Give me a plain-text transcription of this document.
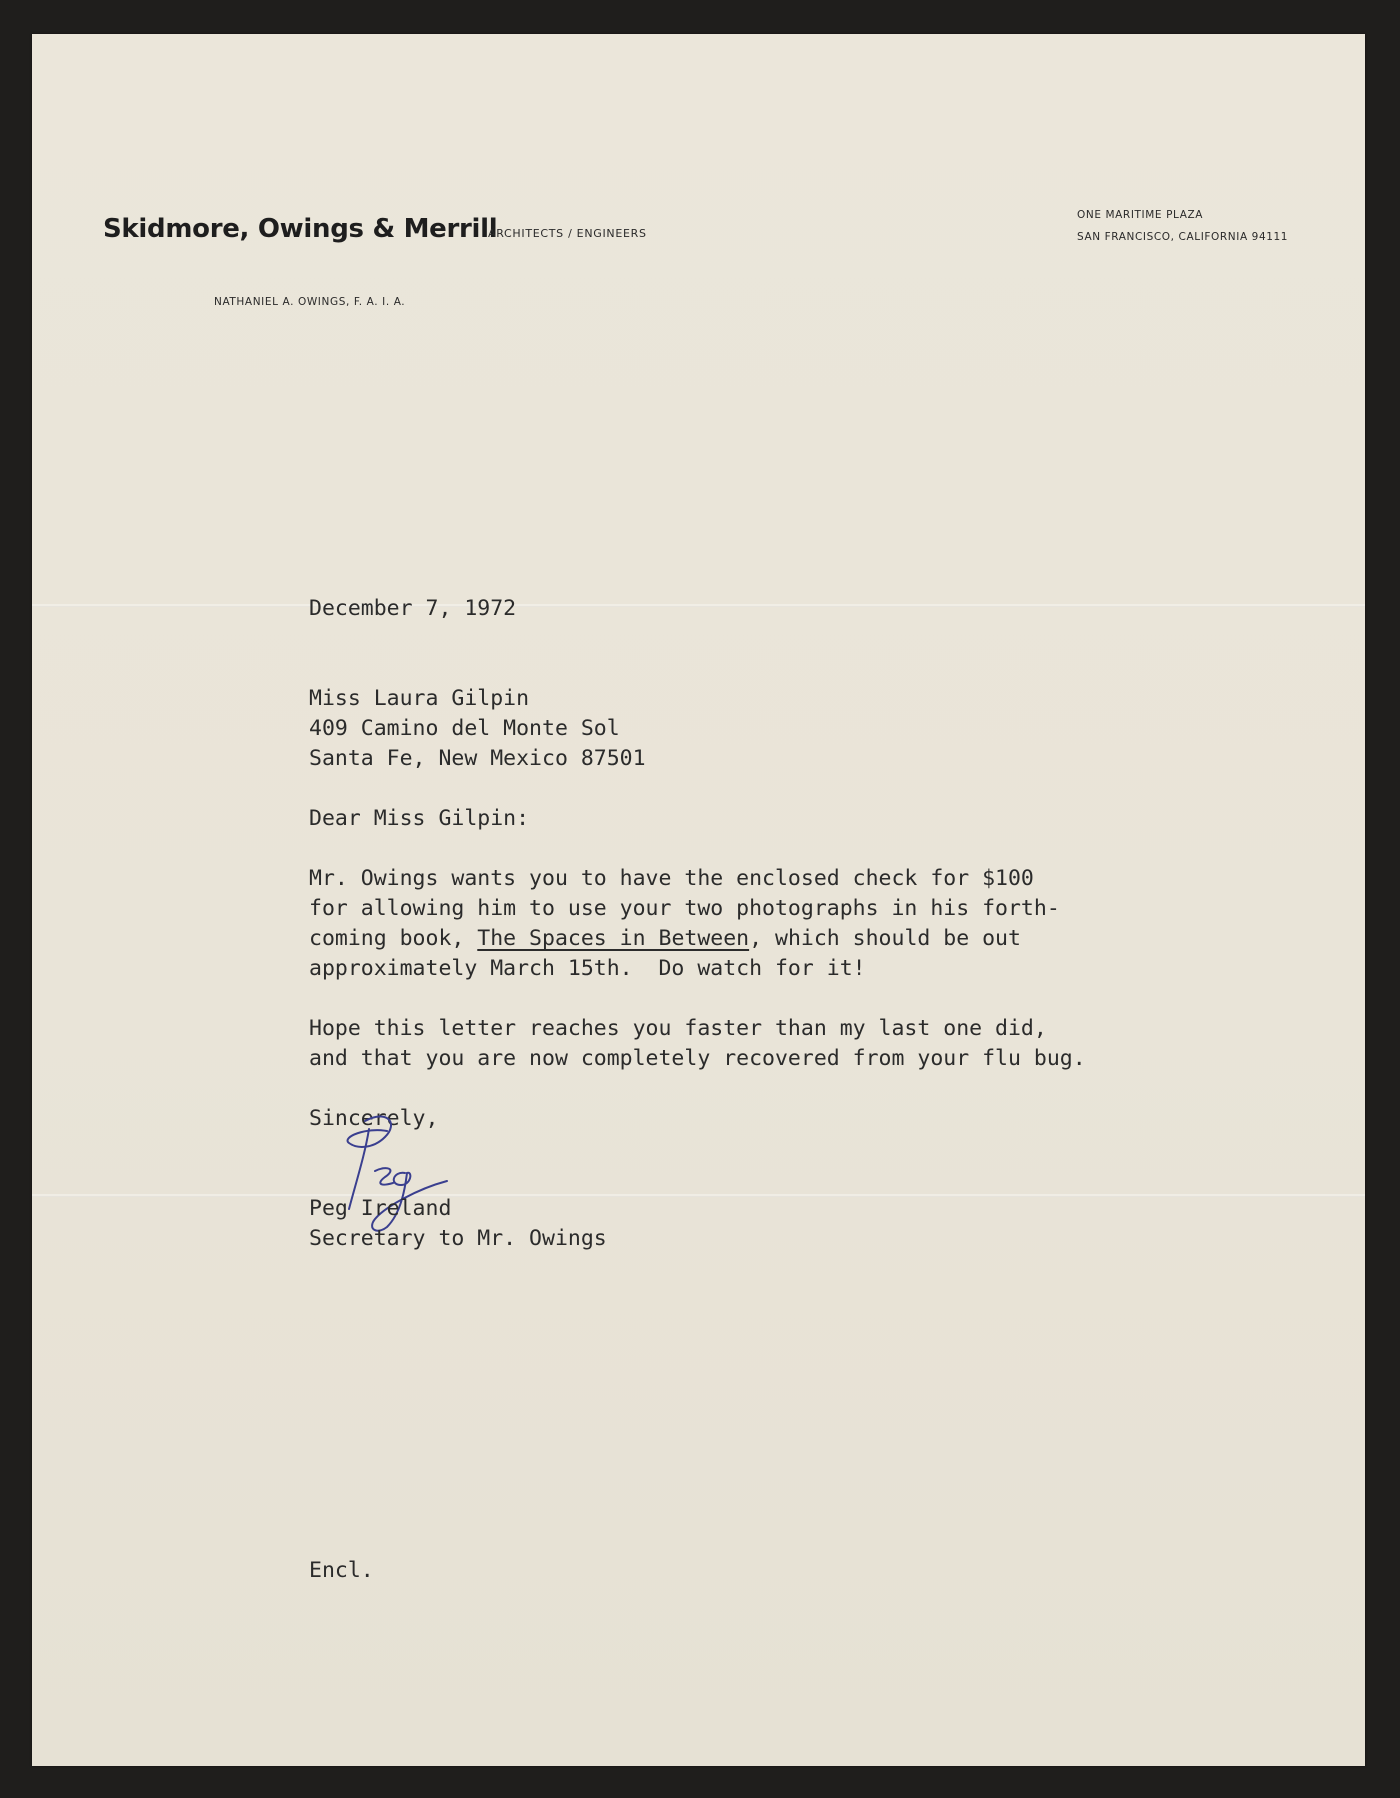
Skidmore, Owings & Merrill
ARCHITECTS / ENGINEERS
ONE MARITIME PLAZA
SAN FRANCISCO, CALIFORNIA 94111
NATHANIEL A. OWINGS, F. A. I. A.
December 7, 1972
Miss Laura Gilpin
409 Camino del Monte Sol
Santa Fe, New Mexico 87501
Dear Miss Gilpin:
Mr. Owings wants you to have the enclosed check for $100
for allowing him to use your two photographs in his forth-
coming book, The Spaces in Between, which should be out
approximately March 15th.  Do watch for it!
Hope this letter reaches you faster than my last one did,
and that you are now completely recovered from your flu bug.
Sincerely,
Peg Ireland
Secretary to Mr. Owings
Encl.
